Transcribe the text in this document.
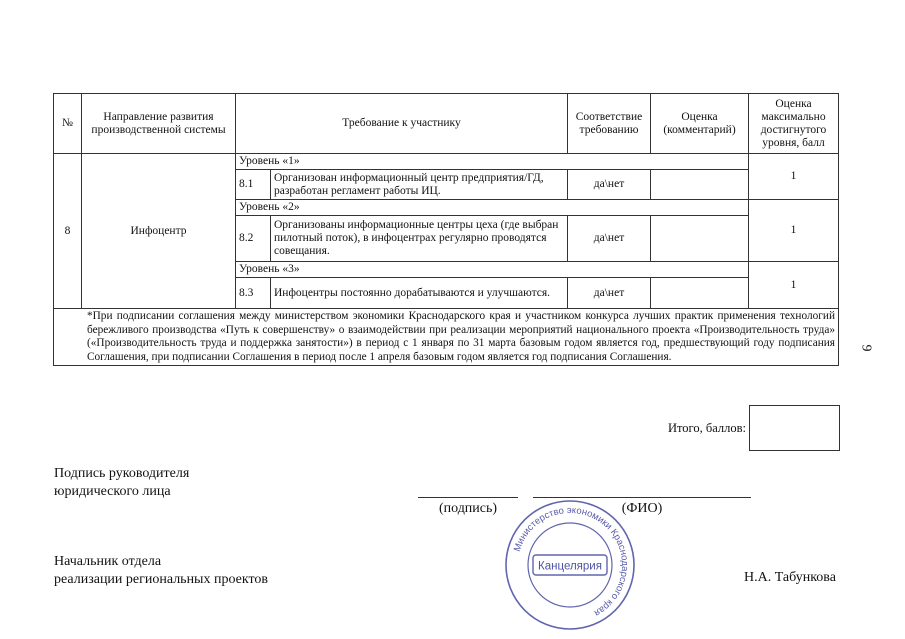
№	Направление развития производственной системы	Требование к участнику		Соответствие требованию	Оценка (комментарий)	Оценка максимально достигнутого уровня, балл
8	Инфоцентр	Уровень «1»				1
		8.1	Организован информационный центр предприятия/ГД, разработан регламент работы ИЦ.	да\нет		
		Уровень «2»				1
		8.2	Организованы информационные центры цеха (где выбран пилотный поток), в инфоцентрах регулярно проводятся совещания.	да\нет		
		Уровень «3»				1
		8.3	Инфоцентры постоянно дорабатываются и улучшаются.	да\нет		

*При подписании соглашения между министерством экономики Краснодарского края и участником конкурса лучших практик применения технологий бережливого производства «Путь к совершенству» о взаимодействии при реализации мероприятий национального проекта «Производительность труда» («Производительность труда и поддержка занятости») в период с 1 января по 31 марта базовым годом является год, предшествующий году подписания Соглашения, при подписании Соглашения в период после 1 апреля базовым годом является год подписания Соглашения.						
9
Итого, баллов:
Подпись руководителя
юридического лица
(подпись)	(ФИО)
Начальник отдела
реализации региональных проектов	Н.А. Табункова
Министерство экономики Краснодарского края
Канцелярия
